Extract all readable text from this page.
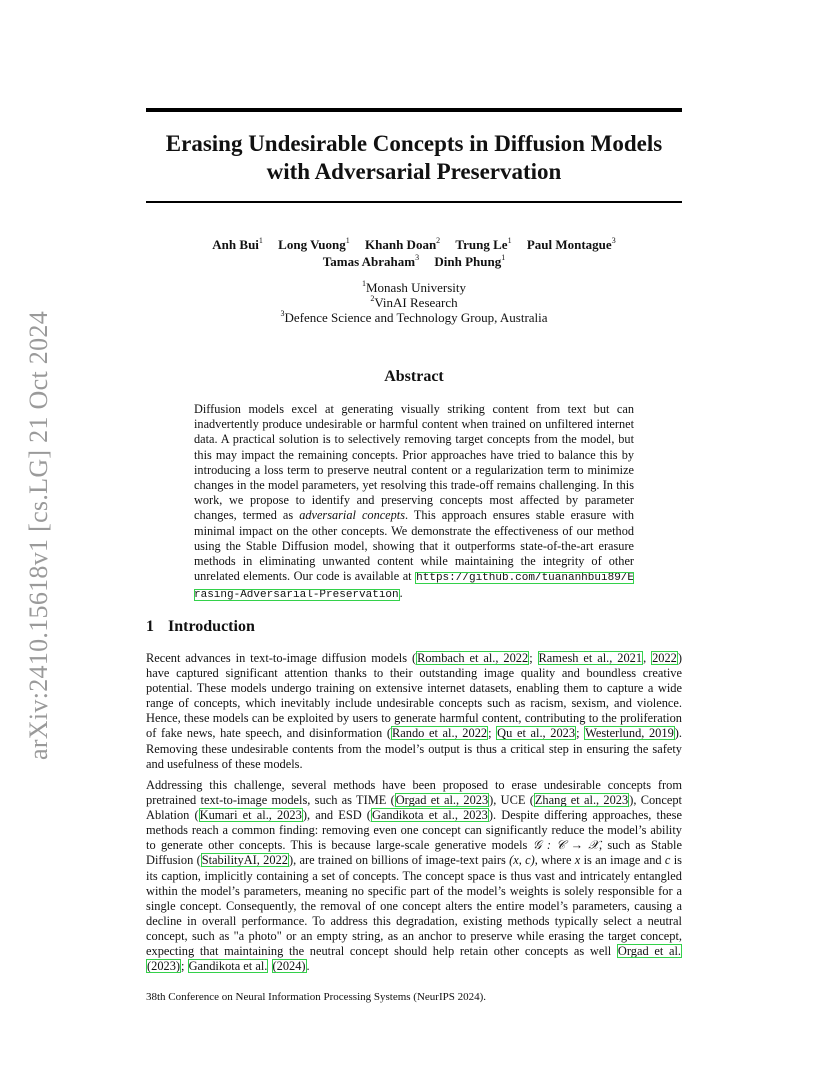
arXiv:2410.15618v1 [cs.LG] 21 Oct 2024
Erasing Undesirable Concepts in Diffusion Models
with Adversarial Preservation
Anh Bui$^1$ Long Vuong$^1$ Khanh Doan$^2$ Trung Le$^1$ Paul Montague$^3$
Tamas Abraham$^3$ Dinh Phung$^1$
$^1$Monash University
$^2$VinAI Research
$^3$Defence Science and Technology Group, Australia
Abstract
Diffusion models excel at generating visually striking content from text but can inadvertently produce undesirable or harmful content when trained on unfiltered internet data. A practical solution is to selectively removing target concepts from the model, but this may impact the remaining concepts. Prior approaches have tried to balance this by introducing a loss term to preserve neutral content or a regularization term to minimize changes in the model parameters, yet resolving this trade-off remains challenging. In this work, we propose to identify and preserving concepts most affected by parameter changes, termed as adversarial concepts. This approach ensures stable erasure with minimal impact on the other concepts. We demonstrate the effectiveness of our method using the Stable Diffusion model, showing that it outperforms state-of-the-art erasure methods in eliminating unwanted content while maintaining the integrity of other unrelated elements. Our code is available at https://github.com/tuananhbui89/Erasing-Adversarial-Preservation.
1 Introduction
Recent advances in text-to-image diffusion models (Rombach et al., 2022; Ramesh et al., 2021, 2022) have captured significant attention thanks to their outstanding image quality and boundless creative potential. These models undergo training on extensive internet datasets, enabling them to capture a wide range of concepts, which inevitably include undesirable concepts such as racism, sexism, and violence. Hence, these models can be exploited by users to generate harmful content, contributing to the proliferation of fake news, hate speech, and disinformation (Rando et al., 2022; Qu et al., 2023; Westerlund, 2019). Removing these undesirable contents from the model’s output is thus a critical step in ensuring the safety and usefulness of these models.
Addressing this challenge, several methods have been proposed to erase undesirable concepts from pretrained text-to-image models, such as TIME (Orgad et al., 2023), UCE (Zhang et al., 2023), Concept Ablation (Kumari et al., 2023), and ESD (Gandikota et al., 2023). Despite differing approaches, these methods reach a common finding: removing even one concept can significantly reduce the model’s ability to generate other concepts. This is because large-scale generative models 𝒢 : 𝒞 → 𝒳, such as Stable Diffusion (StabilityAI, 2022), are trained on billions of image-text pairs (x, c), where x is an image and c is its caption, implicitly containing a set of concepts. The concept space is thus vast and intricately entangled within the model’s parameters, meaning no specific part of the model’s weights is solely responsible for a single concept. Consequently, the removal of one concept alters the entire model’s parameters, causing a decline in overall performance. To address this degradation, existing methods typically select a neutral concept, such as "a photo" or an empty string, as an anchor to preserve while erasing the target concept, expecting that maintaining the neutral concept should help retain other concepts as well Orgad et al. (2023); Gandikota et al. (2024).
38th Conference on Neural Information Processing Systems (NeurIPS 2024).
